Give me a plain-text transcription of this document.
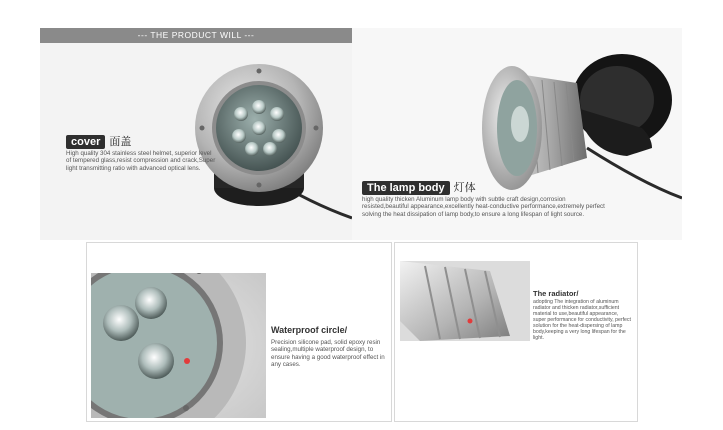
cover 面盖
High quality 304 stainless steel helmet, superior level of tempered glass,resist compression and crack,Super light transmitting ratio with advanced optical lens.
--- THE PRODUCT WILL ---
The lamp body 灯体
high quality thicken Aluminum lamp body with subtle craft design,corrosion resisted,beautiful appearance,excellently heat-conductive performance,extremely perfect solving the heat dissipation of lamp body,to ensure a long lifespan of light source.
Waterproof circle/
Precision silicone pad, solid epoxy resin sealing,multiple waterproof design, to ensure having a good waterproof effect in any cases.
The radiator/
adopting The integration of aluminum radiator and thicken radiator,sufficient material to use,beautiful appearance, super performance for conductivity, perfect solution for the heat-dispersing of lamp body,keeping a very long lifespan for the light.
